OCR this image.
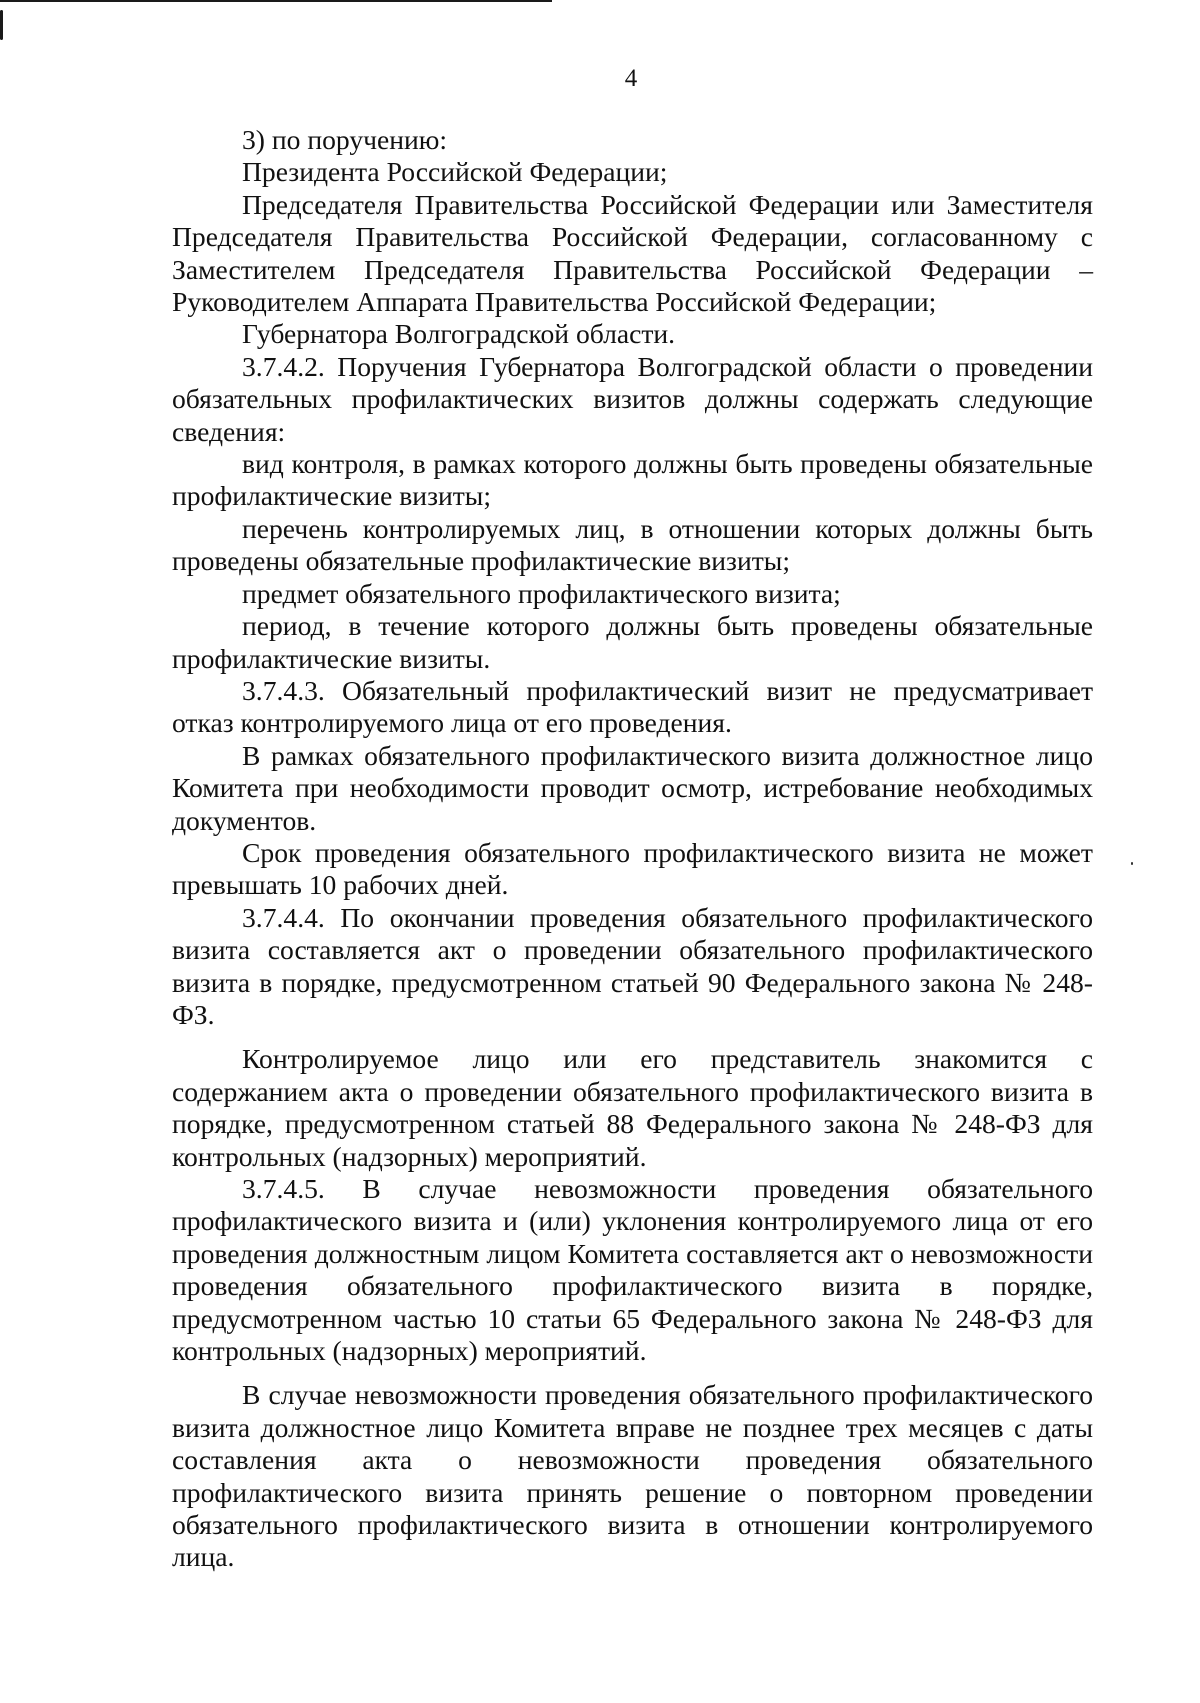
4

3) по поручению:

Президента Российской Федерации;

Председателя Правительства Российской Федерации или Заместителя Председателя Правительства Российской Федерации, согласованному с Заместителем Председателя Правительства Российской Федерации – Руководителем Аппарата Правительства Российской Федерации;

Губернатора Волгоградской области.

3.7.4.2. Поручения Губернатора Волгоградской области о проведении обязательных профилактических визитов должны содержать следующие сведения:

вид контроля, в рамках которого должны быть проведены обязательные профилактические визиты;

перечень контролируемых лиц, в отношении которых должны быть проведены обязательные профилактические визиты;

предмет обязательного профилактического визита;

период, в течение которого должны быть проведены обязательные профилактические визиты.

3.7.4.3. Обязательный профилактический визит не предусматривает отказ контролируемого лица от его проведения.

В рамках обязательного профилактического визита должностное лицо Комитета при необходимости проводит осмотр, истребование необходимых документов.

Срок проведения обязательного профилактического визита не может превышать 10 рабочих дней.

3.7.4.4. По окончании проведения обязательного профилактического визита составляется акт о проведении обязательного профилактического визита в порядке, предусмотренном статьей 90 Федерального закона № 248-ФЗ.

Контролируемое лицо или его представитель знакомится с содержанием акта о проведении обязательного профилактического визита в порядке, предусмотренном статьей 88 Федерального закона № 248-ФЗ для контрольных (надзорных) мероприятий.

3.7.4.5. В случае невозможности проведения обязательного профилактического визита и (или) уклонения контролируемого лица от его проведения должностным лицом Комитета составляется акт о невозможности проведения обязательного профилактического визита в порядке, предусмотренном частью 10 статьи 65 Федерального закона № 248-ФЗ для контрольных (надзорных) мероприятий.

В случае невозможности проведения обязательного профилактического визита должностное лицо Комитета вправе не позднее трех месяцев с даты составления акта о невозможности проведения обязательного профилактического визита принять решение о повторном проведении обязательного профилактического визита в отношении контролируемого лица.
